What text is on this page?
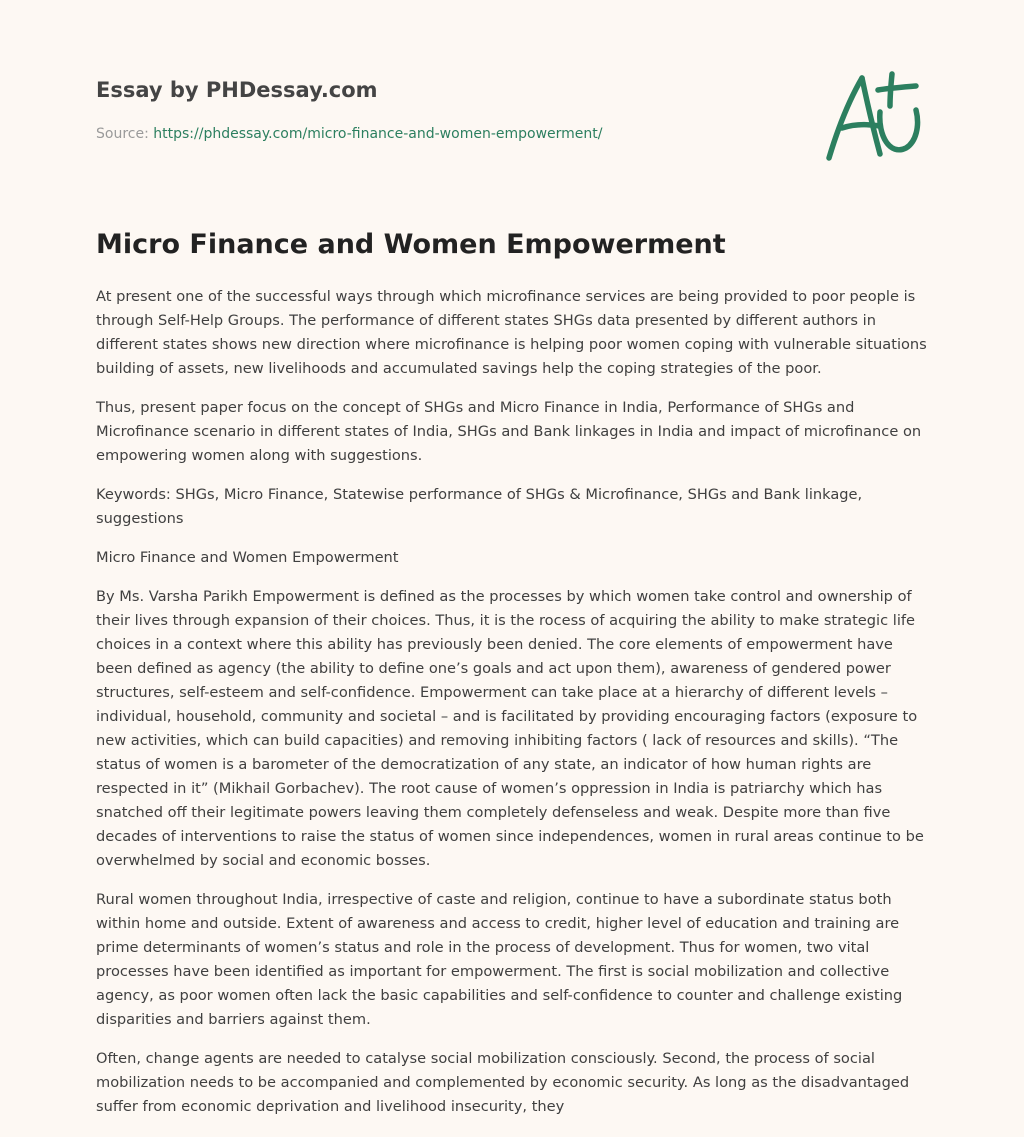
Essay by PHDessay.com
Source: https://phdessay.com/micro-finance-and-women-empowerment/
Micro Finance and Women Empowerment

At present one of the successful ways through which microfinance services are being provided to poor people is through Self-Help Groups. The performance of different states SHGs data presented by different authors in different states shows new direction where microfinance is helping poor women coping with vulnerable situations building of assets, new livelihoods and accumulated savings help the coping strategies of the poor.

Thus, present paper focus on the concept of SHGs and Micro Finance in India, Performance of SHGs and Microfinance scenario in different states of India, SHGs and Bank linkages in India and impact of microfinance on empowering women along with suggestions.

Keywords: SHGs, Micro Finance, Statewise performance of SHGs & Microfinance, SHGs and Bank linkage, suggestions

Micro Finance and Women Empowerment

By Ms. Varsha Parikh Empowerment is defined as the processes by which women take control and ownership of their lives through expansion of their choices. Thus, it is the rocess of acquiring the ability to make strategic life choices in a context where this ability has previously been denied. The core elements of empowerment have been defined as agency (the ability to define one’s goals and act upon them), awareness of gendered power structures, self-esteem and self-confidence. Empowerment can take place at a hierarchy of different levels – individual, household, community and societal – and is facilitated by providing encouraging factors (exposure to new activities, which can build capacities) and removing inhibiting factors ( lack of resources and skills). “The status of women is a barometer of the democratization of any state, an indicator of how human rights are respected in it” (Mikhail Gorbachev). The root cause of women’s oppression in India is patriarchy which has snatched off their legitimate powers leaving them completely defenseless and weak. Despite more than five decades of interventions to raise the status of women since independences, women in rural areas continue to be overwhelmed by social and economic bosses.

Rural women throughout India, irrespective of caste and religion, continue to have a subordinate status both within home and outside. Extent of awareness and access to credit, higher level of education and training are prime determinants of women’s status and role in the process of development. Thus for women, two vital processes have been identified as important for empowerment. The first is social mobilization and collective agency, as poor women often lack the basic capabilities and self-confidence to counter and challenge existing disparities and barriers against them.

Often, change agents are needed to catalyse social mobilization consciously. Second, the process of social mobilization needs to be accompanied and complemented by economic security. As long as the disadvantaged suffer from economic deprivation and livelihood insecurity, they
